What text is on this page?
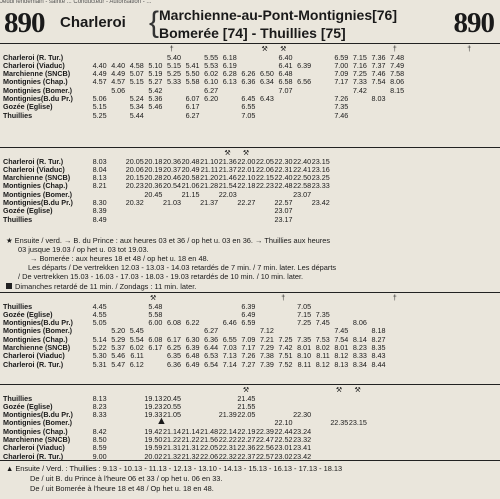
Jeudi lendemain - sainte ... Conducteur - Autorisation - ...
890 Charleroi { Marchienne-au-Pont-Montignies[76]
Bomerée [74] - Thuillies [75]	890
					†					⚒	⚒						†				†
Charleroi (R. Tur.)					5.40		5.55	6.18			6.40			6.59	7.15	7.36	7.48				
Charleroi (Viaduc)	4.40	4.40	4.58	5.10	5.15	5.41	5.53	6.19			6.41	6.39		7.00	7.16	7.37	7.49				
Marchienne (SNCB)	4.49	4.49	5.07	5.19	5.25	5.50	6.02	6.28	6.26	6.50	6.48			7.09	7.25	7.46	7.58				
Montignies (Chap.)	4.57	4.57	5.15	5.27	5.33	5.58	6.10	6.13	6.36	6.34	6.58	6.56		7.17	7.33	7.54	8.06				
Montignies (Bomer.)		5.06		5.42			6.27				7.07				7.42		8.15				
Montignies(B.du Pr.)	5.06		5.24	5.36		6.07	6.20		6.45	6.43				7.26		8.03					
Gozée (Eglise)	5.15		5.34	5.46		6.17			6.55					7.35							
Thuillies	5.25		5.44			6.27			7.05					7.46							
								⚒	⚒							
Charleroi (R. Tur.)	8.03		20.05	20.18	20.36	20.48	21.10	21.36	22.00	22.05	22.30	22.40	23.15			
Charleroi (Viaduc)	8.04		20.06	20.19	20.37	20.49	21.11	21.37	22.01	22.06	22.31	22.41	23.16			
Marchienne (SNCB)	8.13		20.15	20.28	20.46	20.58	21.20	21.46	22.10	22.15	22.40	22.50	23.25			
Montignies (Chap.)	8.21		20.23	20.36	20.54	21.06	21.28	21.54	22.18	22.23	22.48	22.58	23.33			
Montignies (Bomer.)				20.45		21.15		22.03				23.07				
Montignies(B.du Pr.)	8.30		20.32		21.03		21.37		22.27		22.57		23.42			
Gozée (Eglise)	8.39										23.07					
Thuillies	8.49										23.17					
★ Ensuite / verd. → B. du Prince : aux heures 03 et 36 / op het u. 03 en 36. → Thuillies aux heures
03 jusque 19.03 / op het u. 03 tot 19.03.
→ Bomerée : aux heures 18 et 48 / op het u. 18 en 48.
Les départs / De vertrekken 12.03 - 13.03 - 14.03 retardés de 7 min. / 7 min. later. Les départs
/ De vertrekken 15.03 - 16.03 - 17.03 - 18.03 - 19.03 retardés de 10 min. / 10 min. later.
Dimanches retardé de 11 min. / Zondags : 11 min. later.
				⚒							†						†
Thuillies	4.45			5.48					6.39			7.05					
Gozée (Eglise)	4.55			5.58					6.49			7.15	7.35				
Montignies(B.du Pr.)	5.05			6.00	6.08	6.22		6.46	6.59			7.25	7.45		8.06		
Montignies (Bomer.)		5.20	5.45				6.27			7.12				7.45		8.18	
Montignies (Chap.)	5.14	5.29	5.54	6.08	6.17	6.30	6.36	6.55	7.09	7.21	7.25	7.35	7.53	7.54	8.14	8.27	
Marchienne (SNCB)	5.22	5.37	6.02	6.17	6.25	6.39	6.44	7.03	7.17	7.29	7.42	8.01	8.02	8.01	8.23	8.35	
Charleroi (Viaduc)	5.30	5.46	6.11		6.35	6.48	6.53	7.13	7.26	7.38	7.51	8.10	8.11	8.12	8.33	8.43	
Charleroi (R. Tur.)	5.31	5.47	6.12		6.36	6.49	6.54	7.14	7.27	7.39	7.52	8.11	8.12	8.13	8.34	8.44	
									⚒					⚒	⚒		
Thuillies	8.13			19.13	20.45				21.45								
Gozée (Eglise)	8.23			19.23	20.55				21.55								
Montignies(B.du Pr.)	8.33			19.33	21.05			21.39	22.05			22.30					
Montignies (Bomer.)											22.10			22.35	23.15		
Montignies (Chap.)	8.42			19.42	21.14	21.14	21.48	22.14	22.19	22.39	22.44	23.24					
Marchienne (SNCB)	8.50			19.50	21.22	21.22	21.56	22.22	22.27	22.47	22.52	23.32					
Charleroi (Viaduc)	8.59			19.59	21.31	21.31	22.05	22.31	22.36	22.56	23.01	23.41					
Charleroi (R. Tur.)	9.00			20.02	21.32	21.32	22.06	22.32	22.37	22.57	23.02	23.42					
▲
▲ Ensuite / Verd. : Thuillies : 9.13 - 10.13 - 11.13 - 12.13 - 13.10 - 14.13 - 15.13 - 16.13 - 17.13 - 18.13
De / uit B. du Prince à l'heure 06 et 33 / op het u. 06 en 33.
De / uit Bomerée à l'heure 18 et 48 / Op het u. 18 en 48.
